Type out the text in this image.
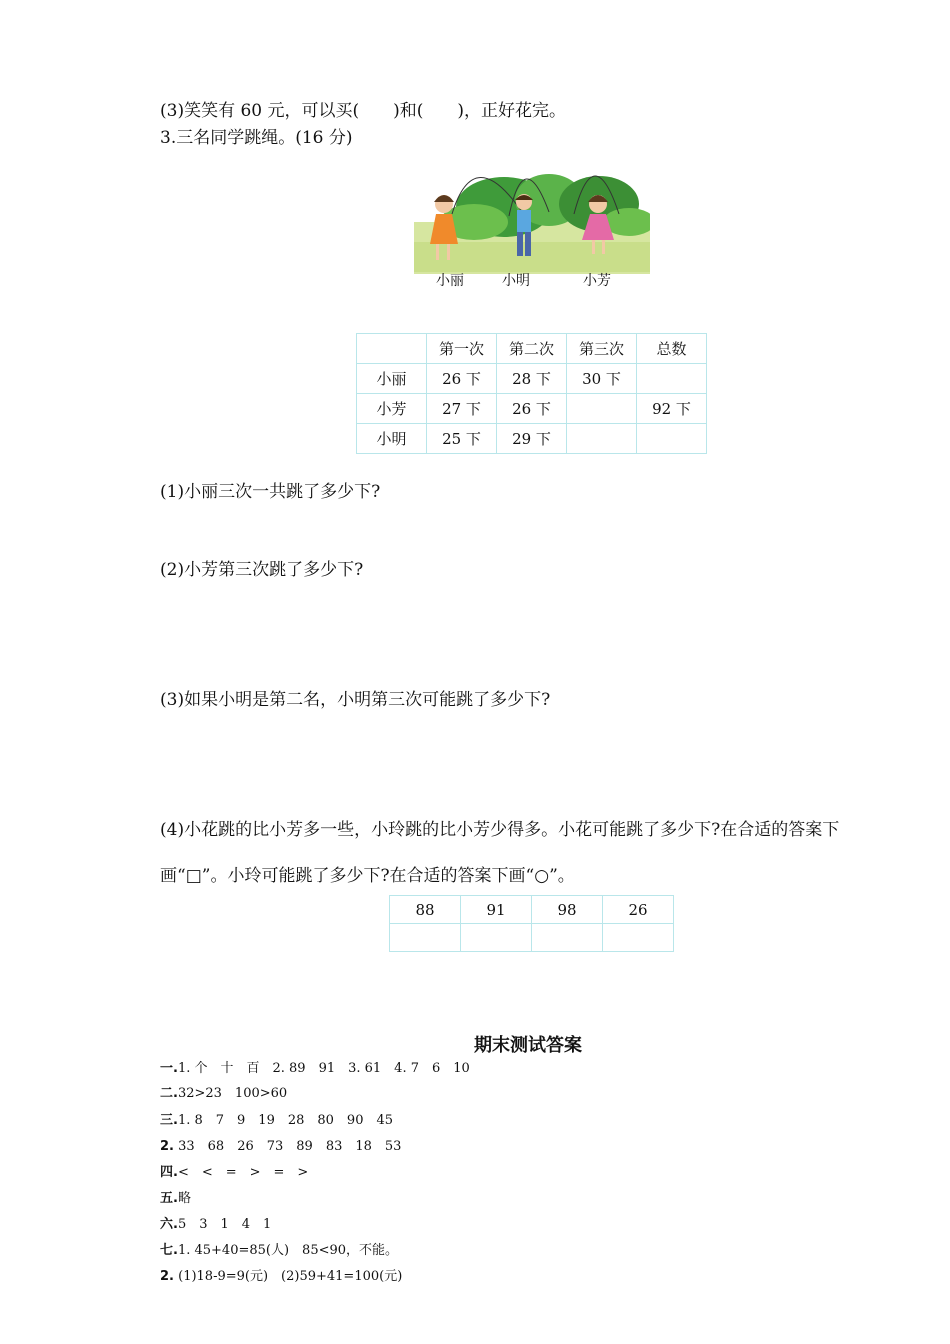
(3)笑笑有 60 元，可以买(　　)和(　　)，正好花完。
3.三名同学跳绳。(16 分)
小丽	小明	小芳
	第一次	第二次	第三次	总数
小丽	26 下	28 下	30 下	
小芳	27 下	26 下		92 下
小明	25 下	29 下		
(1)小丽三次一共跳了多少下?
(2)小芳第三次跳了多少下?
(3)如果小明是第二名，小明第三次可能跳了多少下?
(4)小花跳的比小芳多一些，小玲跳的比小芳少得多。小花可能跳了多少下?在合适的答案下
画“□”。小玲可能跳了多少下?在合适的答案下画“○”。
88	91	98	26

期末测试答案
一.1. 个　十　百　2. 89　91　3. 61　4. 7　6　10
二.32>23　100>60
三.1. 8　7　9　19　28　80　90　45
2. 33　68　26　73　89　83　18　53
四.<　<　=　>　=　>
五.略
六.5　3　1　4　1
七.1. 45+40=85(人)　85<90，不能。
2. (1)18-9=9(元)　(2)59+41=100(元)
